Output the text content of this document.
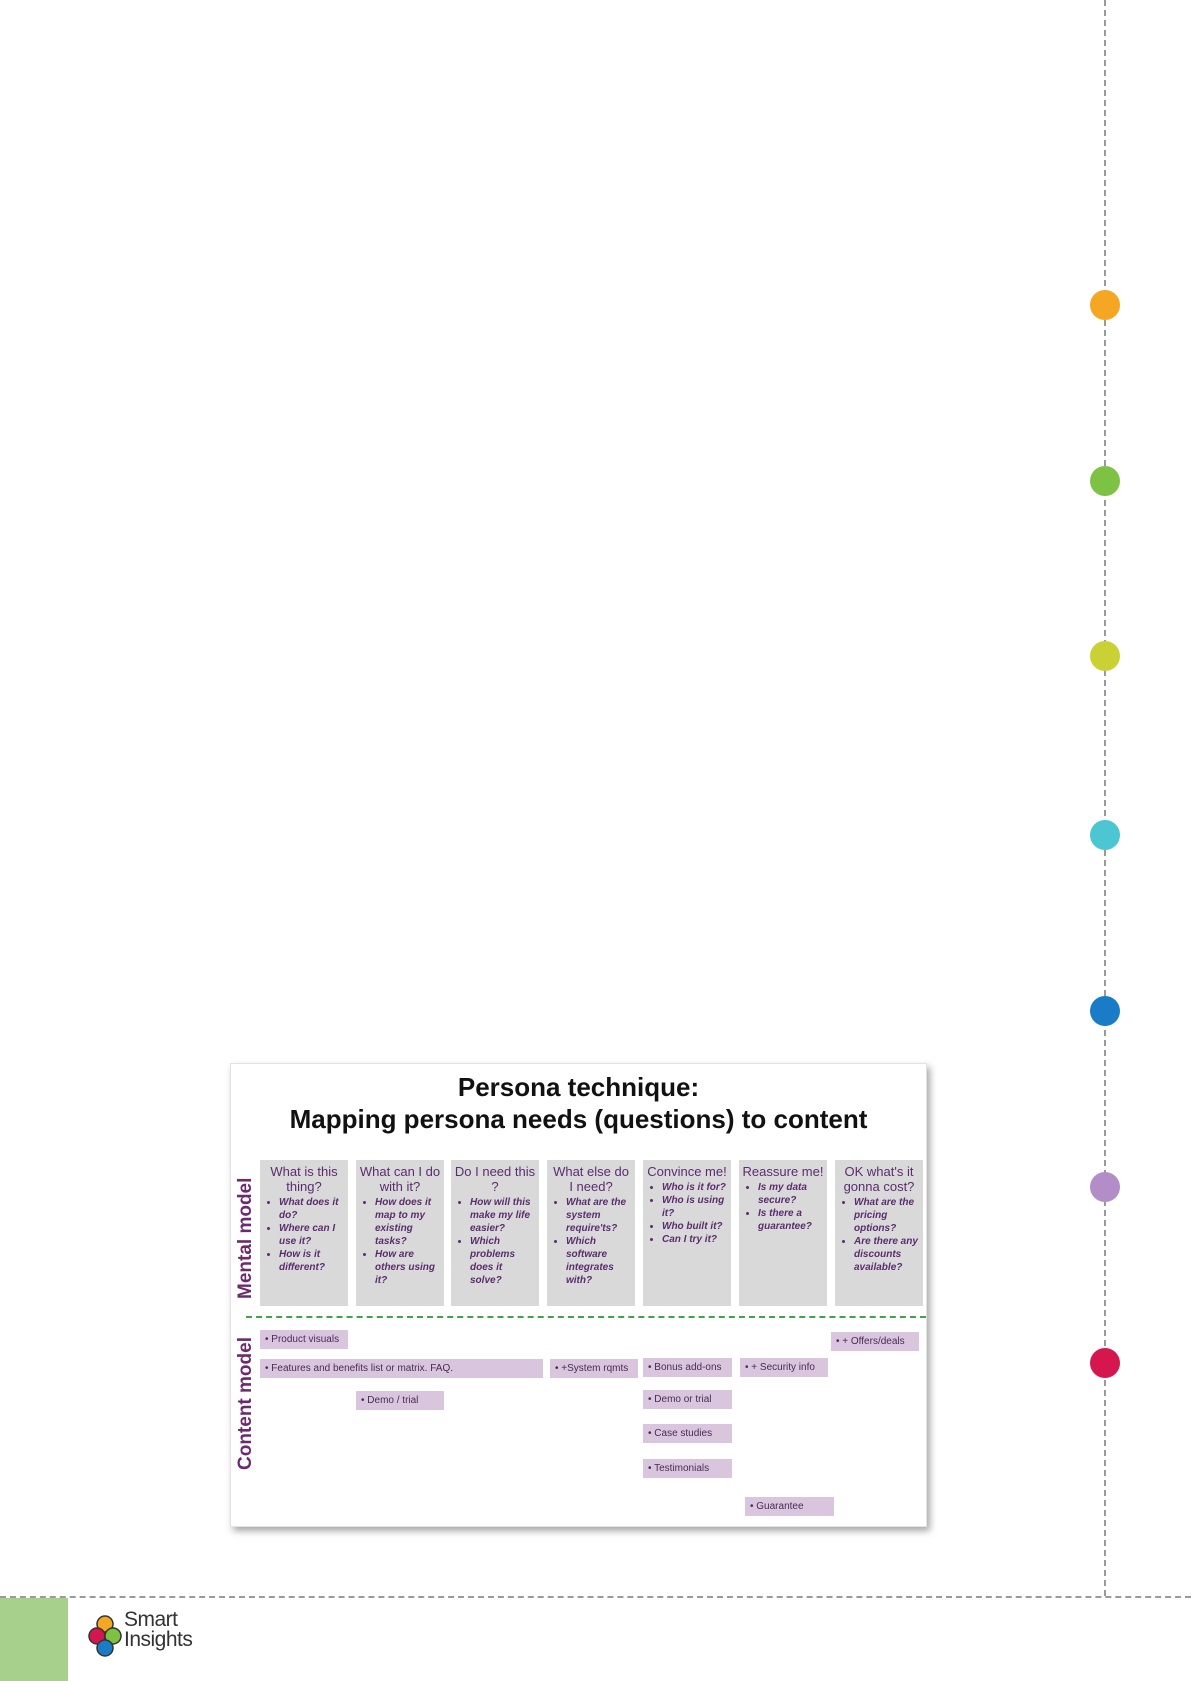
Smart
Insights
Persona technique:
Mapping persona needs (questions) to content
Mental model
Content model
What is this thing?
• What does it do?
• Where can I use it?
• How is it different?
What can I do with it?
• How does it map to my existing tasks?
• How are others using it?
Do I need this ?
• How will this make my life easier?
• Which problems does it solve?
What else do I need?
• What are the system require'ts?
• Which software integrates with?
Convince me!
• Who is it for?
• Who is using it?
• Who built it?
• Can I try it?
Reassure me!
• Is my data secure?
• Is there a guarantee?
OK what's it gonna cost?
• What are the pricing options?
• Are there any discounts available?
• Product visuals
• Features and benefits list or matrix. FAQ.
• Demo / trial
• +System rqmts	• Bonus add-ons
• Demo or trial
• Case studies
• Testimonials
• + Security info
• Guarantee
• + Offers/deals
